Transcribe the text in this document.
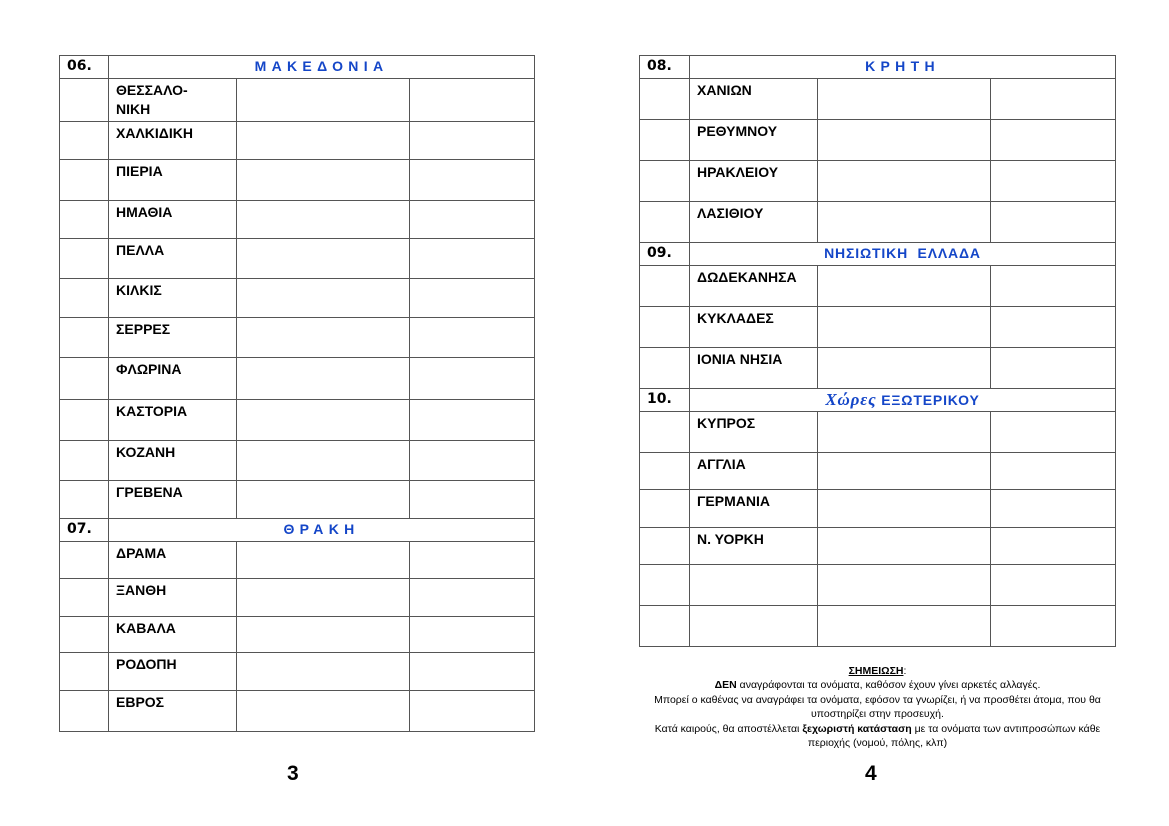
06.	ΜΑΚΕΔΟΝΙΑ		
	ΘΕΣΣΑΛΟ-
ΝΙΚΗ		
	ΧΑΛΚΙΔΙΚΗ		
	ΠΙΕΡΙΑ		
	ΗΜΑΘΙΑ		
	ΠΕΛΛΑ		
	ΚΙΛΚΙΣ		
	ΣΕΡΡΕΣ		
	ΦΛΩΡΙΝΑ		
	ΚΑΣΤΟΡΙΑ		
	ΚΟΖΑΝΗ		
	ΓΡΕΒΕΝΑ		
07.	ΘΡΑΚΗ		
	ΔΡΑΜΑ		
	ΞΑΝΘΗ		
	ΚΑΒΑΛΑ		
	ΡΟΔΟΠΗ		
	ΕΒΡΟΣ		
3
08.	ΚΡΗΤΗ		
	ΧΑΝΙΩΝ		
	ΡΕΘΥΜΝΟΥ		
	ΗΡΑΚΛΕΙΟΥ		
	ΛΑΣΙΘΙΟΥ		
09.	ΝΗΣΙΩΤΙΚΗ  ΕΛΛΑΔΑ		
	ΔΩΔΕΚΑΝΗΣΑ		
	ΚΥΚΛΑΔΕΣ		
	ΙΟΝΙΑ ΝΗΣΙΑ		
10.	Χώρες ΕΞΩΤΕΡΙΚΟΥ		
	ΚΥΠΡΟΣ		
	ΑΓΓΛΙΑ		
	ΓΕΡΜΑΝΙΑ		
	Ν. ΥΟΡΚΗ		

ΣΗΜΕΙΩΣΗ:
ΔΕΝ αναγράφονται τα ονόματα, καθόσον έχουν γίνει αρκετές αλλαγές.
Μπορεί ο καθένας να αναγράφει τα ονόματα, εφόσον τα γνωρίζει, ή να προσθέτει άτομα, που θα υποστηρίζει στην προσευχή.
Κατά καιρούς, θα αποστέλλεται ξεχωριστή κατάσταση με τα ονόματα των αντιπροσώπων κάθε περιοχής (νομού, πόλης, κλπ)
4
